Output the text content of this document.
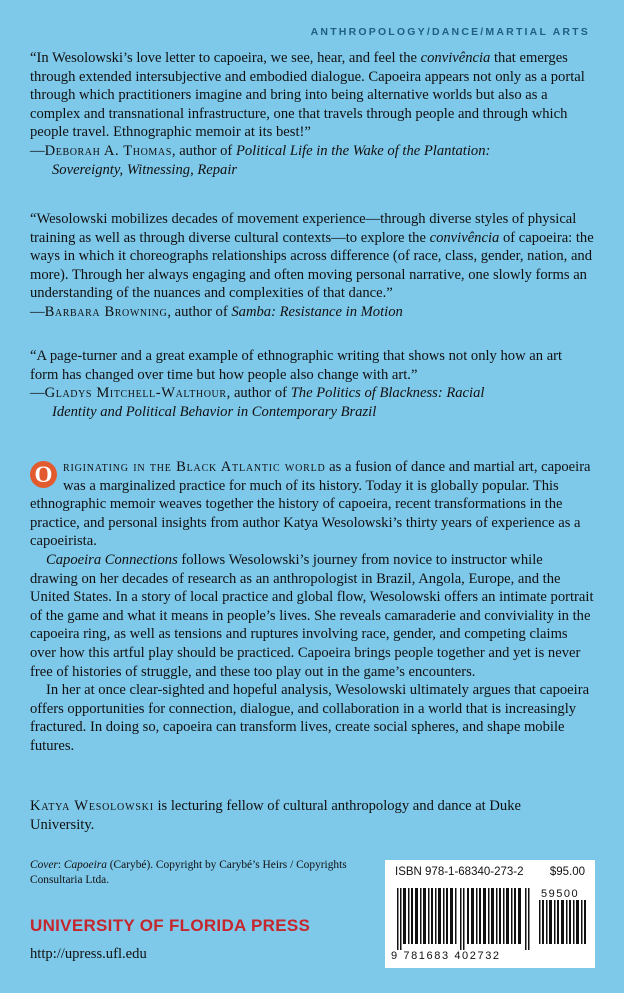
ANTHROPOLOGY/DANCE/MARTIAL ARTS

“In Wesolowski’s love letter to capoeira, we see, hear, and feel the convivência that emerges through extended intersubjective and embodied dialogue. Capoeira appears not only as a portal through which practitioners imagine and bring into being alternative worlds but also as a complex and transnational infrastructure, one that travels through people and through which people travel. Ethnographic memoir at its best!”

—Deborah A. Thomas, author of Political Life in the Wake of the Plantation:
Sovereignty, Witnessing, Repair

“Wesolowski mobilizes decades of movement experience—through diverse styles of physical training as well as through diverse cultural contexts—to explore the convivência of capoeira: the ways in which it choreographs relationships across difference (of race, class, gender, nation, and more). Through her always engaging and often moving personal narrative, one slowly forms an understanding of the nuances and complexities of that dance.”

—Barbara Browning, author of Samba: Resistance in Motion

“A page-turner and a great example of ethnographic writing that shows not only how an art form has changed over time but how people also change with art.”

—Gladys Mitchell-Walthour, author of The Politics of Blackness: Racial
Identity and Political Behavior in Contemporary Brazil

O riginating in the Black Atlantic world as a fusion of dance and martial art, capoeira was a marginalized practice for much of its history. Today it is globally popular. This ethnographic memoir weaves together the history of capoeira, recent transformations in the practice, and personal insights from author Katya Wesolowski’s thirty years of experience as a capoeirista.

Capoeira Connections follows Wesolowski’s journey from novice to instructor while drawing on her decades of research as an anthropologist in Brazil, Angola, Europe, and the United States. In a story of local practice and global flow, Wesolowski offers an intimate portrait of the game and what it means in people’s lives. She reveals camaraderie and conviviality in the capoeira ring, as well as tensions and ruptures involving race, gender, and competing claims over how this artful play should be practiced. Capoeira brings people together and yet is never free of histories of struggle, and these too play out in the game’s encounters.

In her at once clear-sighted and hopeful analysis, Wesolowski ultimately argues that capoeira offers opportunities for connection, dialogue, and collaboration in a world that is increasingly fractured. In doing so, capoeira can transform lives, create social spheres, and shape mobile futures.

Katya Wesolowski is lecturing fellow of cultural anthropology and dance at Duke University.

Cover: Capoeira (Carybé). Copyright by Carybé’s Heirs / Copyrights Consultaria Ltda.

UNIVERSITY OF FLORIDA PRESS
http://upress.ufl.edu
ISBN 978-1-68340-273-2 $95.00
59500
9 781683 402732
